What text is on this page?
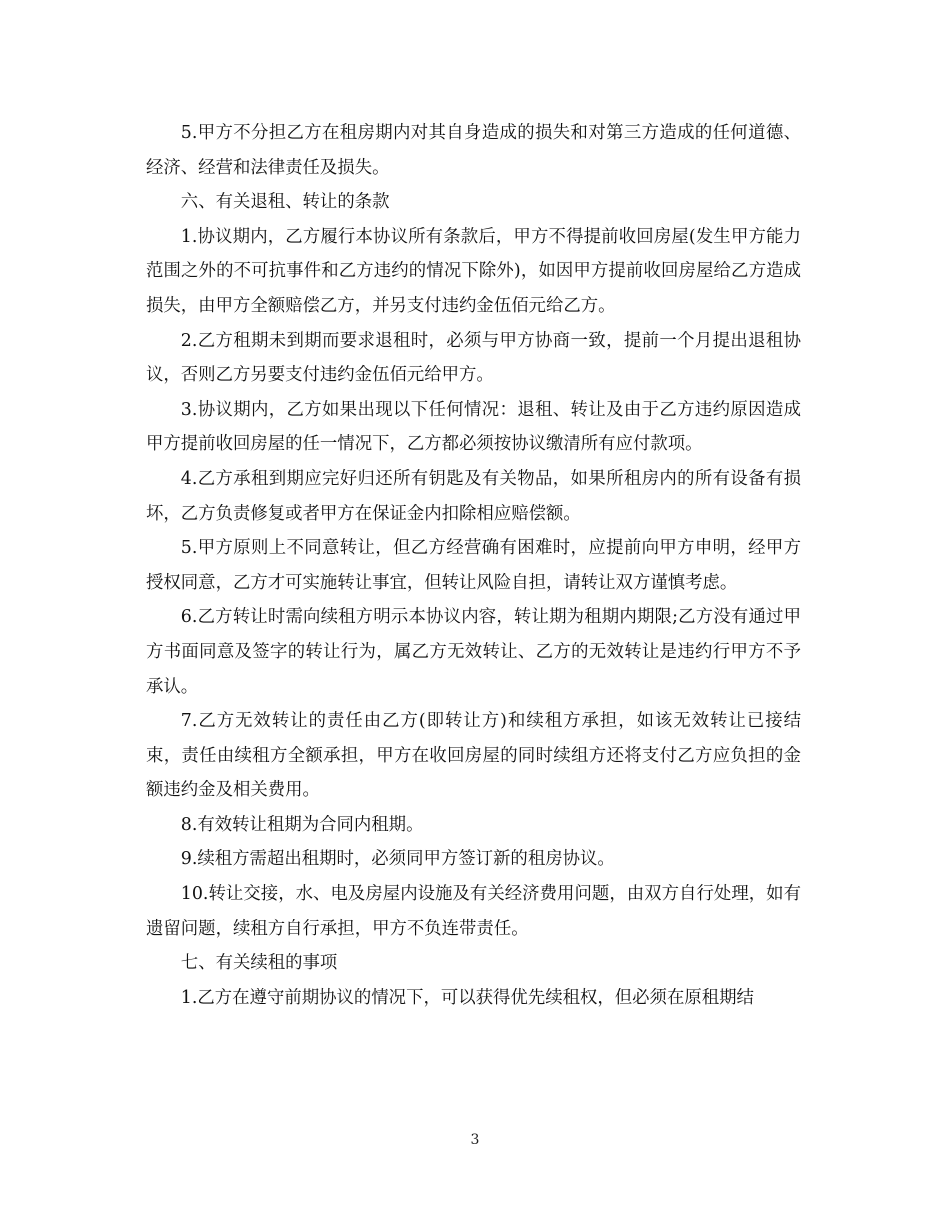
5.甲方不分担乙方在租房期内对其自身造成的损失和对第三方造成的任何道德、经济、经营和法律责任及损失。

六、有关退租、转让的条款

1.协议期内，乙方履行本协议所有条款后，甲方不得提前收回房屋(发生甲方能力范围之外的不可抗事件和乙方违约的情况下除外)，如因甲方提前收回房屋给乙方造成损失，由甲方全额赔偿乙方，并另支付违约金伍佰元给乙方。

2.乙方租期未到期而要求退租时，必须与甲方协商一致，提前一个月提出退租协议，否则乙方另要支付违约金伍佰元给甲方。

3.协议期内，乙方如果出现以下任何情况：退租、转让及由于乙方违约原因造成甲方提前收回房屋的任一情况下，乙方都必须按协议缴清所有应付款项。

4.乙方承租到期应完好归还所有钥匙及有关物品，如果所租房内的所有设备有损坏，乙方负责修复或者甲方在保证金内扣除相应赔偿额。

5.甲方原则上不同意转让，但乙方经营确有困难时，应提前向甲方申明，经甲方授权同意，乙方才可实施转让事宜，但转让风险自担，请转让双方谨慎考虑。

6.乙方转让时需向续租方明示本协议内容，转让期为租期内期限;乙方没有通过甲方书面同意及签字的转让行为，属乙方无效转让、乙方的无效转让是违约行甲方不予承认。

7.乙方无效转让的责任由乙方(即转让方)和续租方承担，如该无效转让已接结束，责任由续租方全额承担，甲方在收回房屋的同时续组方还将支付乙方应负担的金额违约金及相关费用。

8.有效转让租期为合同内租期。

9.续租方需超出租期时，必须同甲方签订新的租房协议。

10.转让交接，水、电及房屋内设施及有关经济费用问题，由双方自行处理，如有遗留问题，续租方自行承担，甲方不负连带责任。

七、有关续租的事项

1.乙方在遵守前期协议的情况下，可以获得优先续租权，但必须在原租期结

3
